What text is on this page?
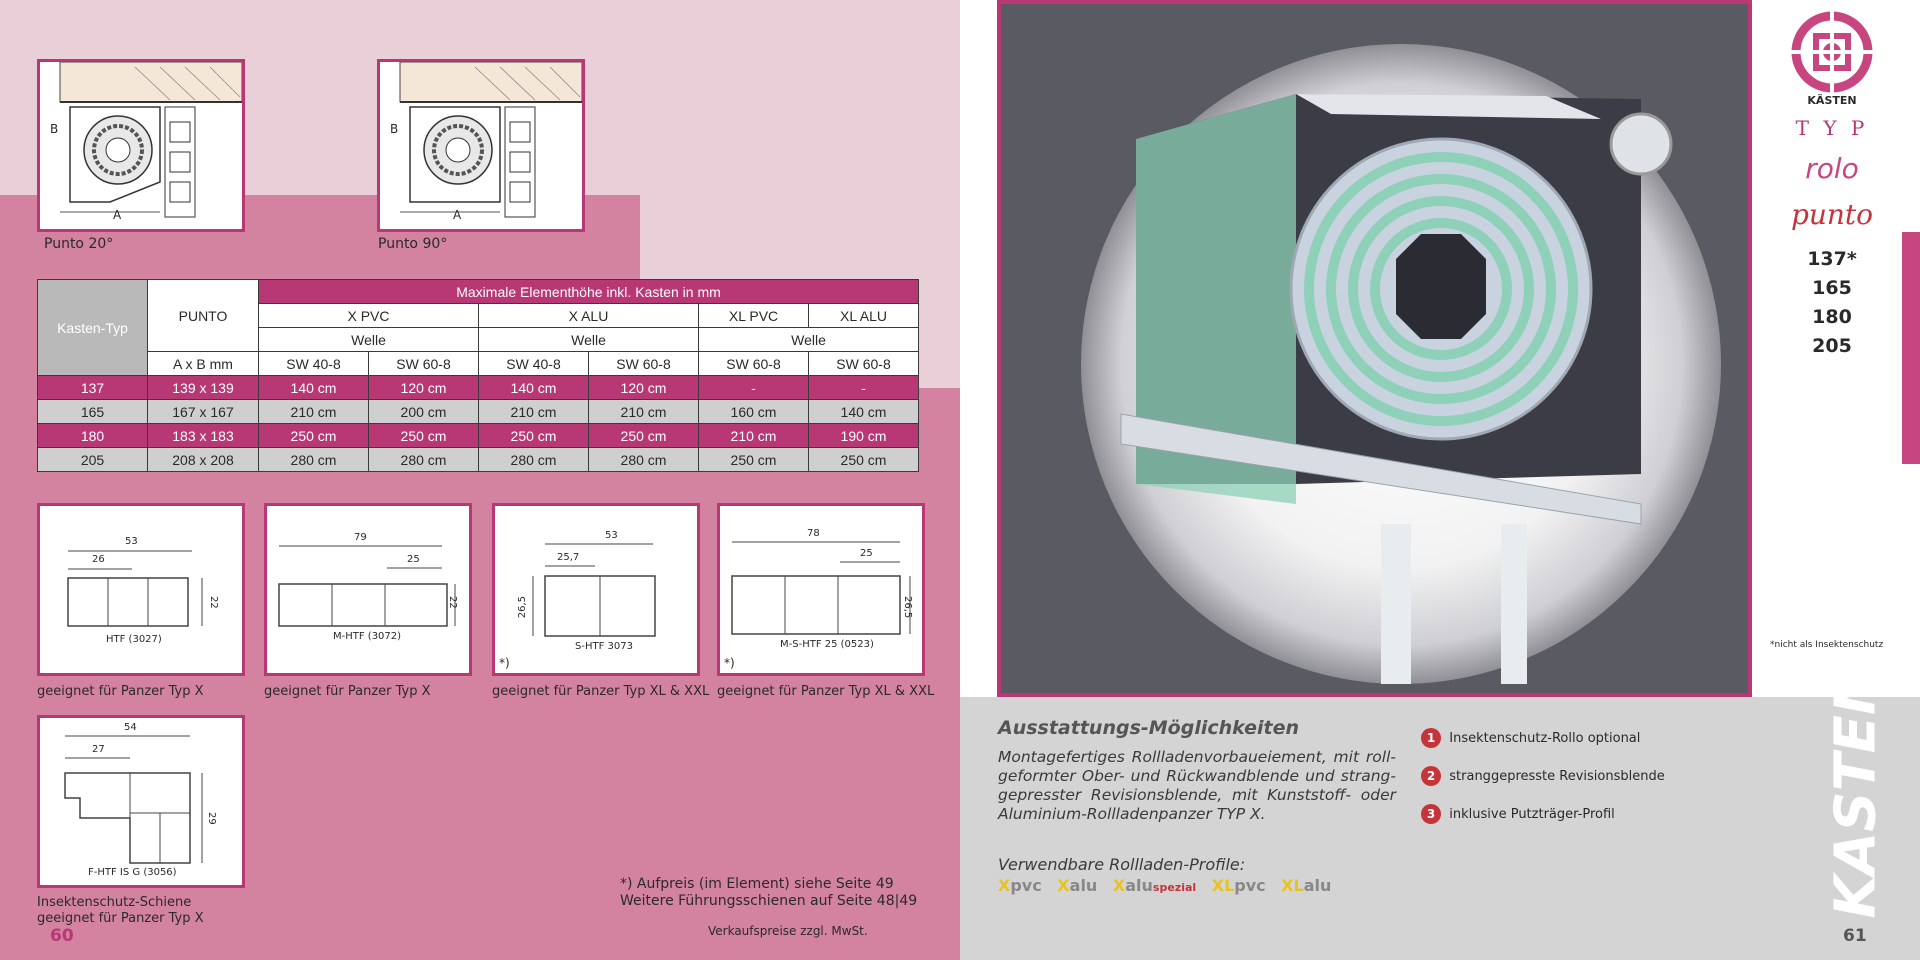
B
A
Punto 20°
B
A
Punto 90°
Kasten-Typ	PUNTO	Maximale Elementhöhe inkl. Kasten in mm					
		X PVC		X ALU		XL PVC	XL ALU
		Welle		Welle		Welle	
	A x B mm	SW 40-8	SW 60-8	SW 40-8	SW 60-8	SW 60-8	SW 60-8
137	139 x 139	140 cm	120 cm	140 cm	120 cm	-	-
165	167 x 167	210 cm	200 cm	210 cm	210 cm	160 cm	140 cm
180	183 x 183	250 cm	250 cm	250 cm	250 cm	210 cm	190 cm
205	208 x 208	280 cm	280 cm	280 cm	280 cm	250 cm	250 cm
53
26
22
HTF (3027)
79
25
22
M-HTF (3072)
53
25,7
26,5
S-HTF 3073
*)
78
25
26,5
M-S-HTF 25 (0523)
*)
geeignet für Panzer Typ X	geeignet für Panzer Typ X	geeignet für Panzer Typ XL & XXL geeignet für Panzer Typ XL & XXL
54
27
29
F-HTF IS G (3056)
Insektenschutz-Schiene
geeignet für Panzer Typ X
*) Aufpreis (im Element) siehe Seite 49
Weitere Führungsschienen auf Seite 48|49
Verkaufspreise zzgl. MwSt.
60
KÄSTEN
T Y P
rolo
punto
137*
165
180
205
*nicht als Insektenschutz
Ausstattungs-Möglichkeiten
Montagefertiges Rollladenvorbaueiement, mit roll-geformter Ober- und Rückwandblende und strang-gepresster Revisionsblende, mit Kunststoff- oder Aluminium-Rollladenpanzer TYP X.
1 Insektenschutz-Rollo optional
2 stranggepresste Revisionsblende
3 inklusive Putzträger-Profil
Verwendbare Rollladen-Profile:
Xpvc Xalu Xaluspezial XLpvc XLalu	KASTEN
61
